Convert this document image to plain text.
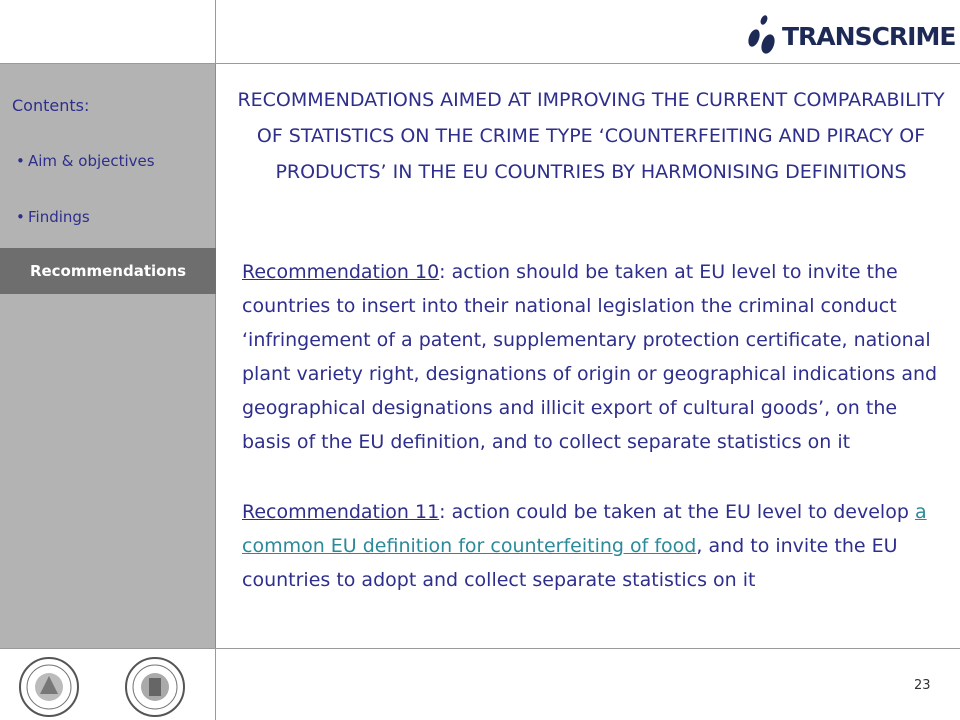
TRANSCRIME
Contents:
• Aim & objectives
• Findings
Recommendations
RECOMMENDATIONS AIMED AT IMPROVING THE CURRENT COMPARABILITY OF STATISTICS ON THE CRIME TYPE ‘COUNTERFEITING AND PIRACY OF PRODUCTS’ IN THE EU COUNTRIES BY HARMONISING DEFINITIONS
Recommendation 10: action should be taken at EU level to invite the countries to insert into their national legislation the criminal conduct ‘infringement of a patent, supplementary protection certificate, national plant variety right, designations of origin or geographical indications and geographical designations and illicit export of cultural goods’, on the basis of the EU definition, and to collect separate statistics on it
Recommendation 11: action could be taken at the EU level to develop a common EU definition for counterfeiting of food, and to invite the EU countries to adopt and collect separate statistics on it
23
